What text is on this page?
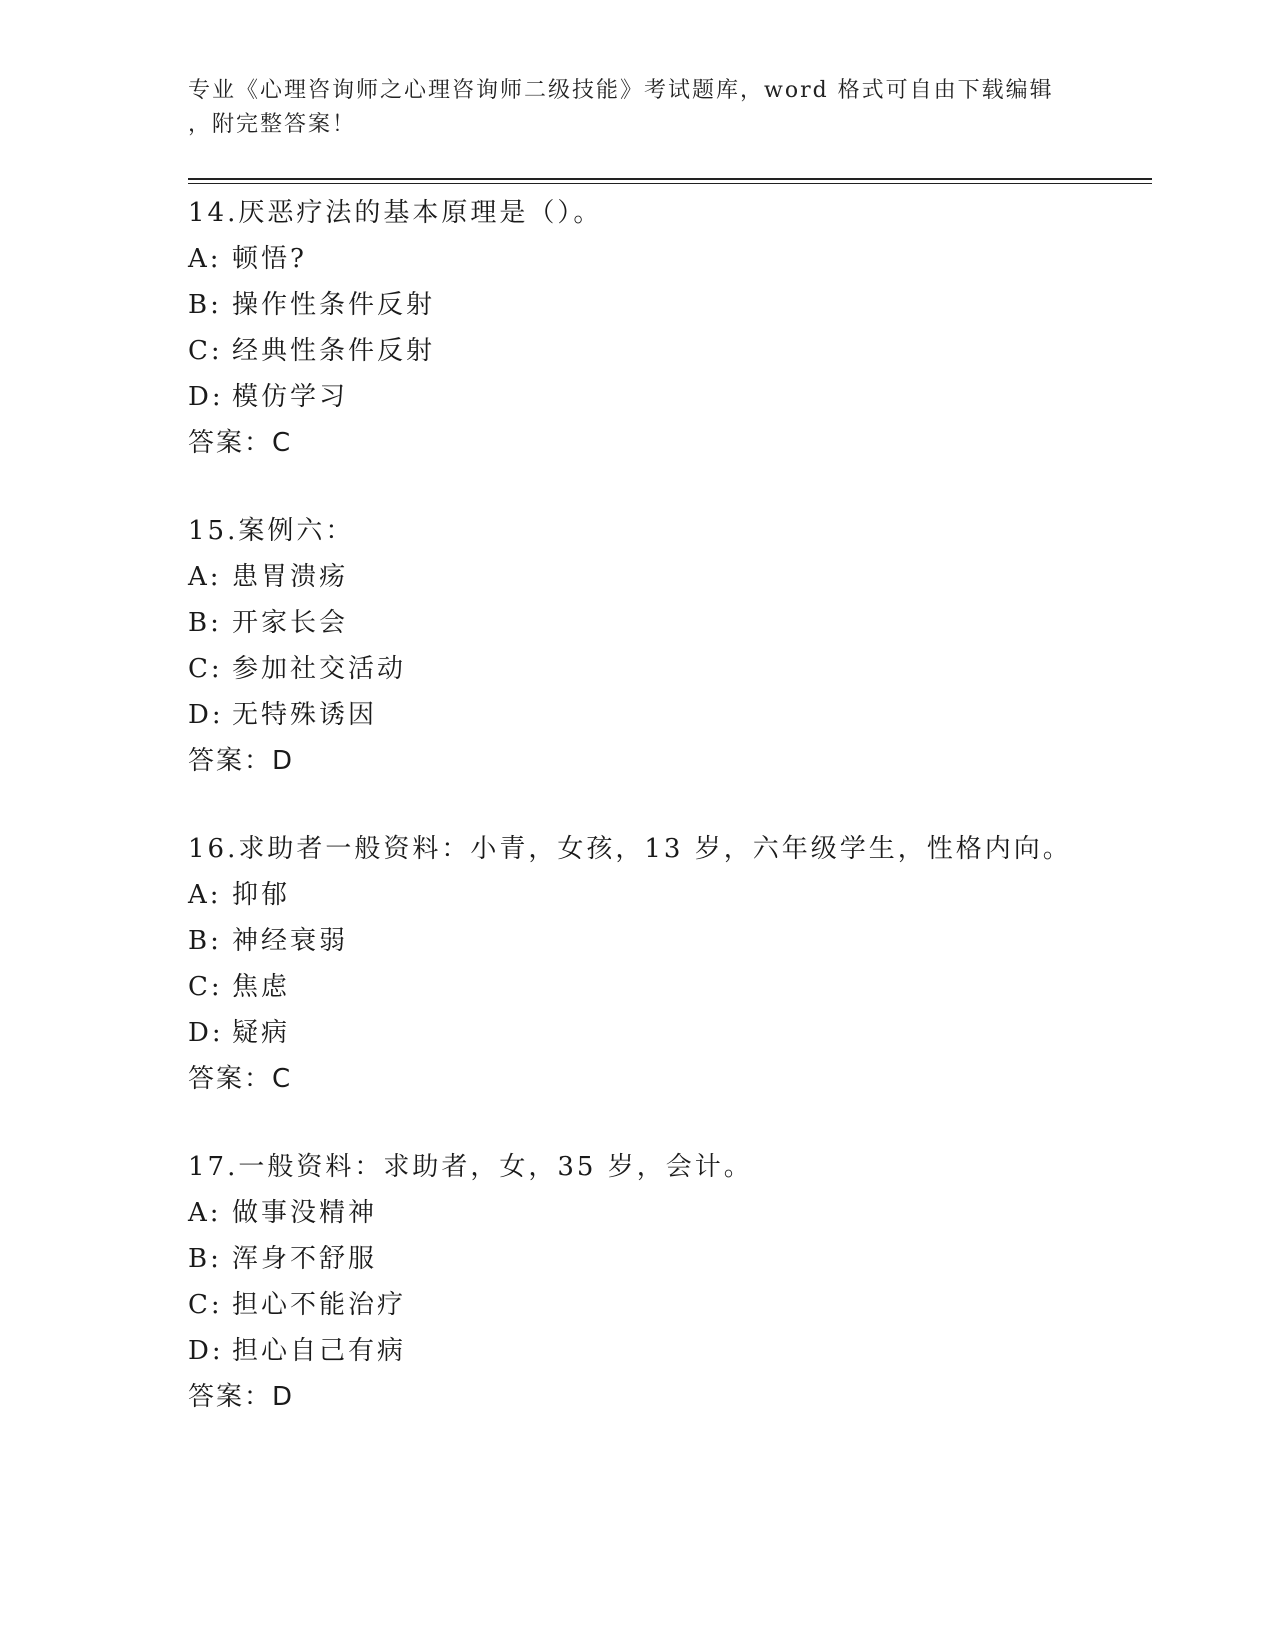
专业《心理咨询师之心理咨询师二级技能》考试题库，word 格式可自由下载编辑
，附完整答案！
14.厌恶疗法的基本原理是（）。
A: 顿悟?
B: 操作性条件反射
C: 经典性条件反射
D: 模仿学习
答案：C
15.案例六：
A: 患胃溃疡
B: 开家长会
C: 参加社交活动
D: 无特殊诱因
答案：D
16.求助者一般资料：小青，女孩，13 岁，六年级学生，性格内向。
A: 抑郁
B: 神经衰弱
C: 焦虑
D: 疑病
答案：C
17.一般资料：求助者，女，35 岁，会计。
A: 做事没精神
B: 浑身不舒服
C: 担心不能治疗
D: 担心自己有病
答案：D
